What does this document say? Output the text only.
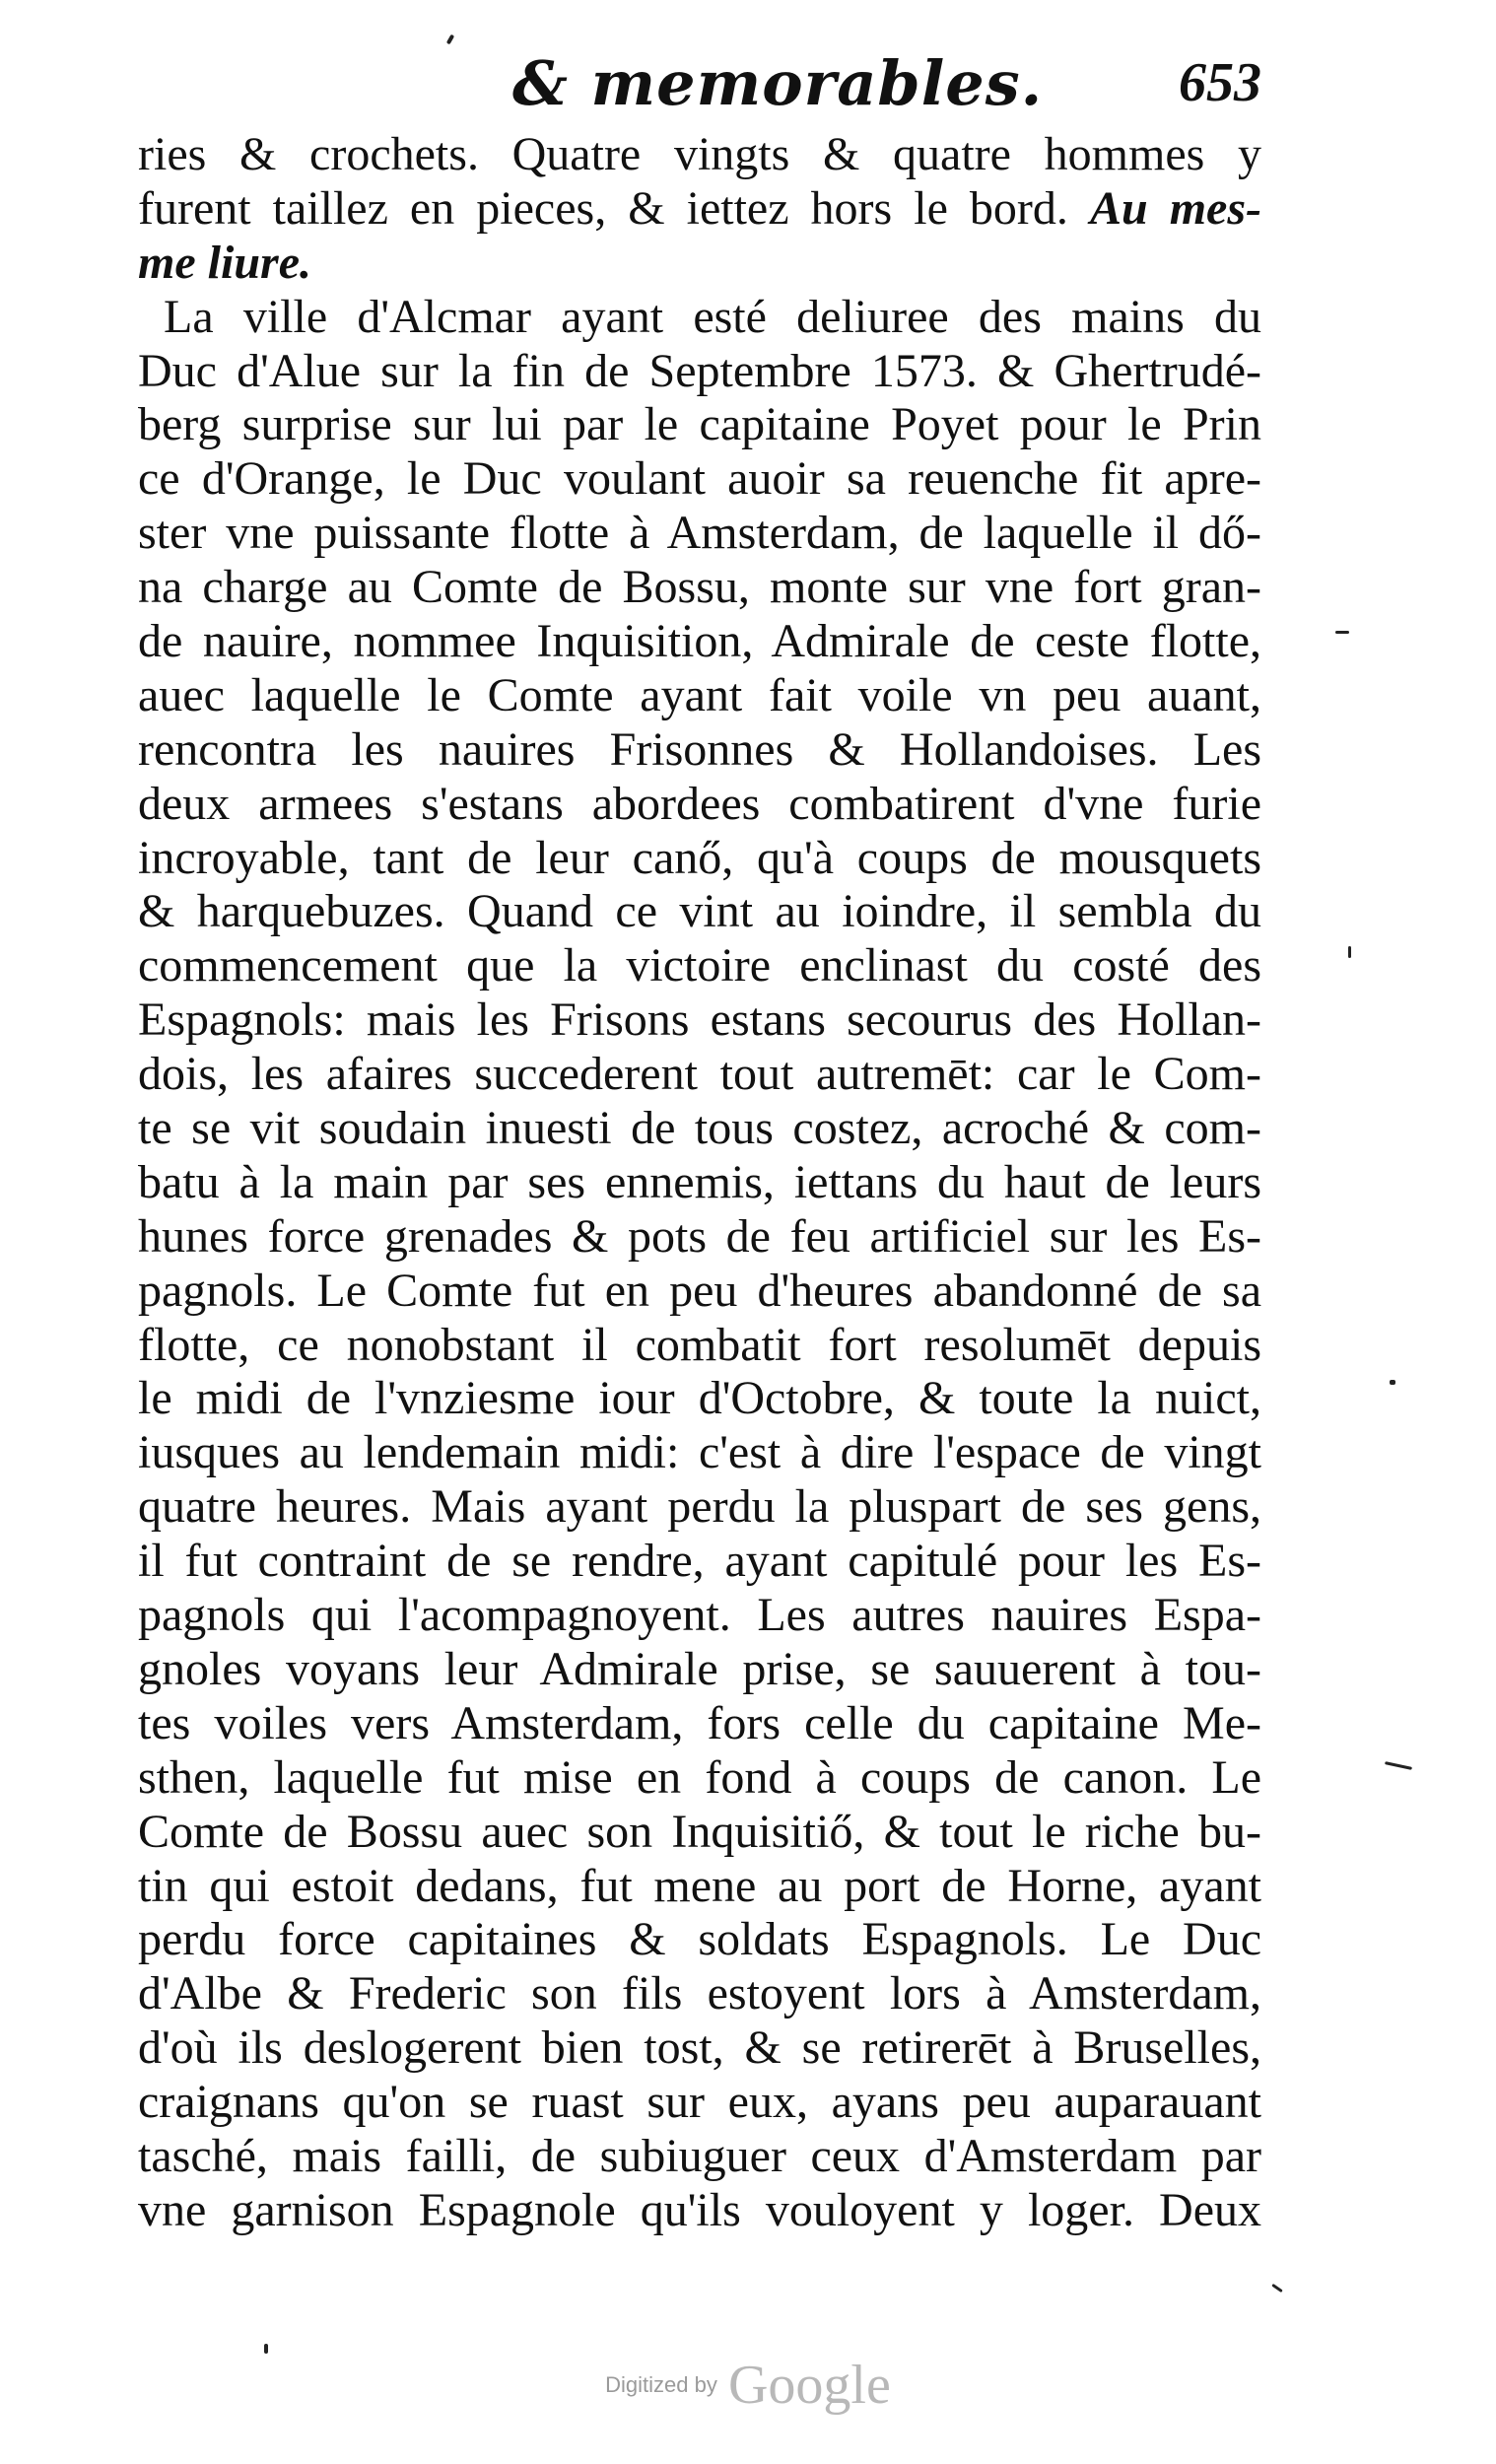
& memorables. 653
ries & crochets. Quatre vingts & quatre hommes y
furent taillez en pieces, & iettez hors le bord. Au mes-
me liure.
La ville d'Alcmar ayant esté deliuree des mains du
Duc d'Alue sur la fin de Septembre 1573. & Ghertrudé-
berg surprise sur lui par le capitaine Poyet pour le Prin
ce d'Orange, le Duc voulant auoir sa reuenche fit apre-
ster vne puissante flotte à Amsterdam, de laquelle il dő-
na charge au Comte de Bossu, monte sur vne fort gran-
de nauire, nommee Inquisition, Admirale de ceste flotte,
auec laquelle le Comte ayant fait voile vn peu auant,
rencontra les nauires Frisonnes & Hollandoises. Les
deux armees s'estans abordees combatirent d'vne furie
incroyable, tant de leur canő, qu'à coups de mousquets
& harquebuzes. Quand ce vint au ioindre, il sembla du
commencement que la victoire enclinast du costé des
Espagnols: mais les Frisons estans secourus des Hollan-
dois, les afaires succederent tout autremēt: car le Com-
te se vit soudain inuesti de tous costez, acroché & com-
batu à la main par ses ennemis, iettans du haut de leurs
hunes force grenades & pots de feu artificiel sur les Es-
pagnols. Le Comte fut en peu d'heures abandonné de sa
flotte, ce nonobstant il combatit fort resolumēt depuis
le midi de l'vnziesme iour d'Octobre, & toute la nuict,
iusques au lendemain midi: c'est à dire l'espace de vingt
quatre heures. Mais ayant perdu la pluspart de ses gens,
il fut contraint de se rendre, ayant capitulé pour les Es-
pagnols qui l'acompagnoyent. Les autres nauires Espa-
gnoles voyans leur Admirale prise, se sauuerent à tou-
tes voiles vers Amsterdam, fors celle du capitaine Me-
sthen, laquelle fut mise en fond à coups de canon. Le
Comte de Bossu auec son Inquisitiő, & tout le riche bu-
tin qui estoit dedans, fut mene au port de Horne, ayant
perdu force capitaines & soldats Espagnols. Le Duc
d'Albe & Frederic son fils estoyent lors à Amsterdam,
d'où ils deslogerent bien tost, & se retirerēt à Bruselles,
craignans qu'on se ruast sur eux, ayans peu auparauant
tasché, mais failli, de subiuguer ceux d'Amsterdam par
vne garnison Espagnole qu'ils vouloyent y loger. Deux
Digitized by Google
